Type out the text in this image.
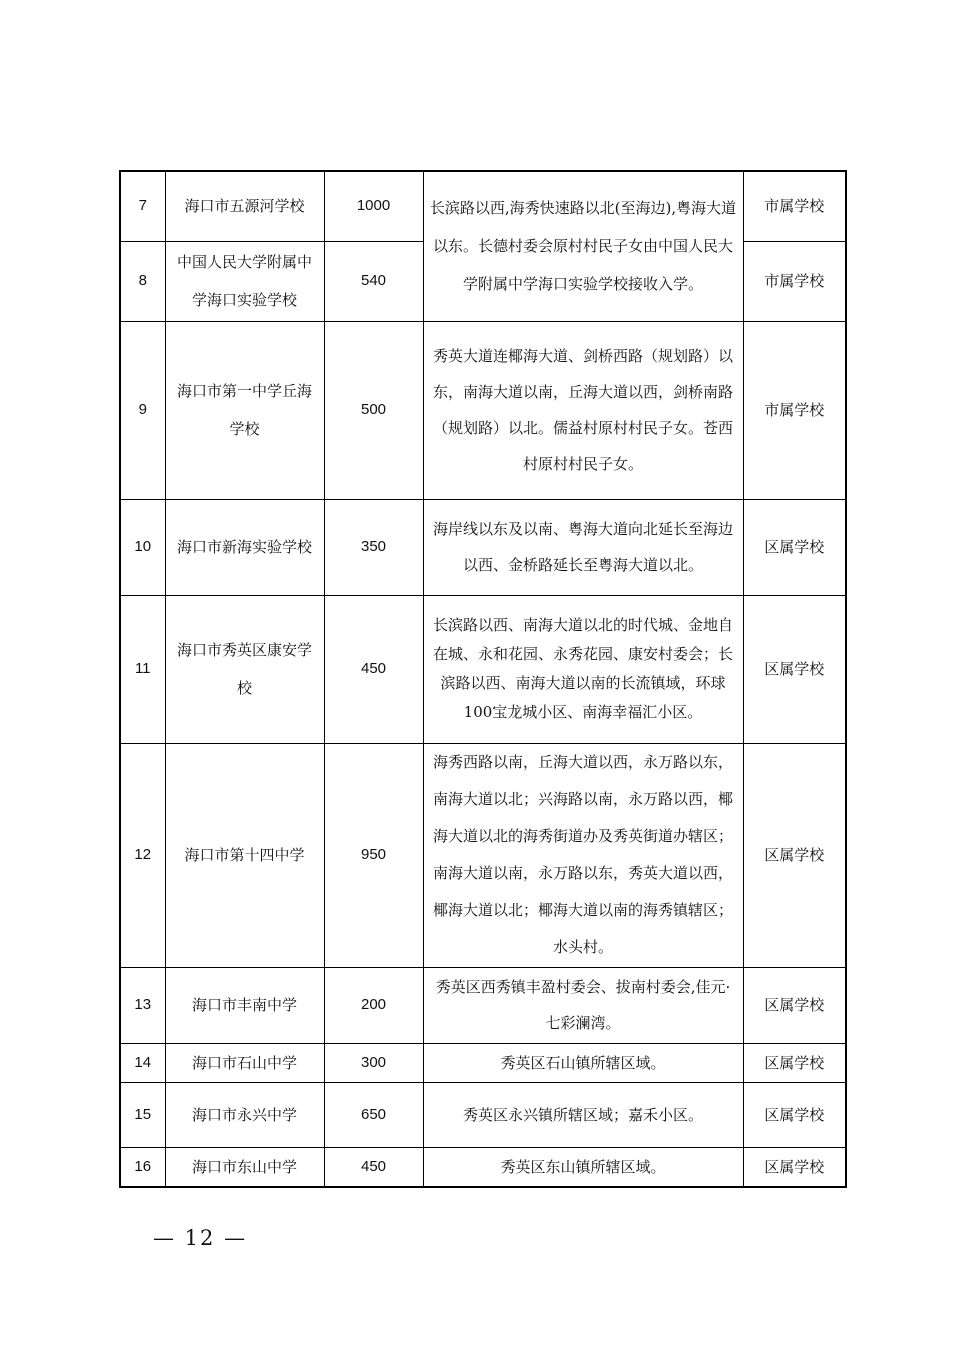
7	海口市五源河学校	1000	长滨路以西,海秀快速路以北(至海边),粤海大道以东。长德村委会原村村民子女由中国人民大学附属中学海口实验学校接收入学。	市属学校
8	中国人民大学附属中学海口实验学校	540		市属学校
9	海口市第一中学丘海学校	500	秀英大道连椰海大道、剑桥西路（规划路）以东，南海大道以南，丘海大道以西，剑桥南路（规划路）以北。儒益村原村村民子女。苍西村原村村民子女。	市属学校
10	海口市新海实验学校	350	海岸线以东及以南、粤海大道向北延长至海边以西、金桥路延长至粤海大道以北。	区属学校
11	海口市秀英区康安学校	450	长滨路以西、南海大道以北的时代城、金地自在城、永和花园、永秀花园、康安村委会；长滨路以西、南海大道以南的长流镇域，环球100宝龙城小区、南海幸福汇小区。	区属学校
12	海口市第十四中学	950	海秀西路以南，丘海大道以西，永万路以东，南海大道以北；兴海路以南，永万路以西，椰海大道以北的海秀街道办及秀英街道办辖区；南海大道以南，永万路以东，秀英大道以西，椰海大道以北；椰海大道以南的海秀镇辖区；水头村。	区属学校
13	海口市丰南中学	200	秀英区西秀镇丰盈村委会、拔南村委会,佳元·七彩澜湾。	区属学校
14	海口市石山中学	300	秀英区石山镇所辖区域。	区属学校
15	海口市永兴中学	650	秀英区永兴镇所辖区域；嘉禾小区。	区属学校
16	海口市东山中学	450	秀英区东山镇所辖区域。	区属学校
— 12 —
